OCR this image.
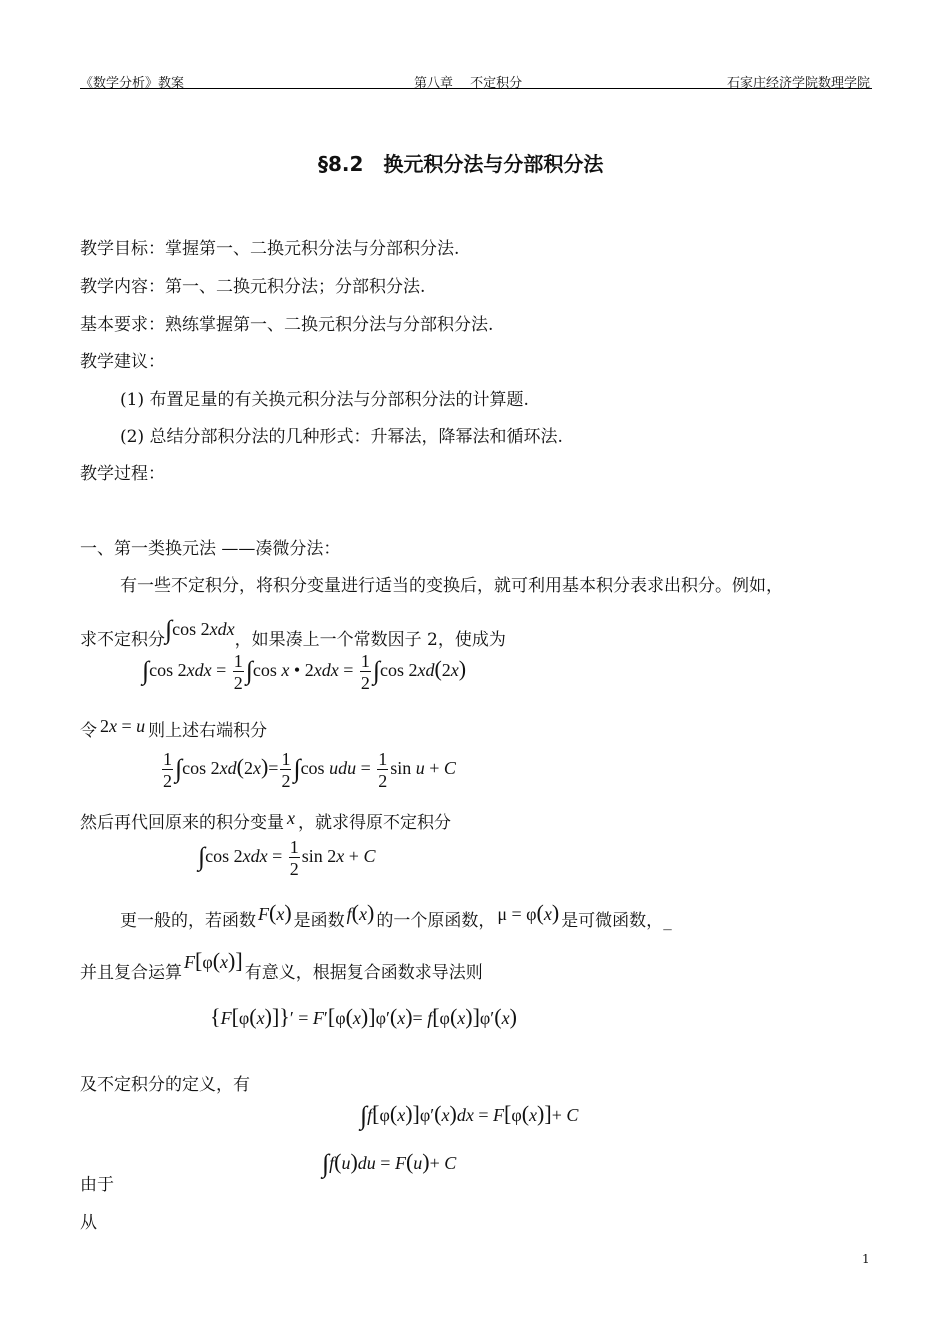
《数学分析》教案	第八章　 不定积分	石家庄经济学院数理学院
§8.2　换元积分法与分部积分法
教学目标：掌握第一、二换元积分法与分部积分法.
教学内容：第一、二换元积分法；分部积分法.
基本要求：熟练掌握第一、二换元积分法与分部积分法.
教学建议：
(1) 布置足量的有关换元积分法与分部积分法的计算题.
(2) 总结分部积分法的几种形式：升幂法，降幂法和循环法.
教学过程：
一、第一类换元法 ——凑微分法：
有一些不定积分，将积分变量进行适当的变换后，就可利用基本积分表求出积分。例如，
求不定积分∫cos 2xdx，如果凑上一个常数因子 2，使成为
∫cos $2xdx = \frac{1}{2} \int\cos$ x • $2xdx = \frac{1}{2} \int\cos$ 2xd(2x)
令 2x = u 则上述右端积分
$\frac{1}{2} \int\cos$ $2xd(2x)= \frac{1}{2} \int\cos$ udu = $\frac{1}{2}$ sin u + C
然后再代回原来的积分变量 x ，就求得原不定积分
∫cos $2xdx = \frac{1}{2}$ sin 2x + C
更一般的，若函数 F(x) 是函数 f(x) 的一个原函数， μ = φ(x) 是可微函数，_
并且复合运算F[φ(x)] 有意义，根据复合函数求导法则
{F[φ(x)]}′ = F′[φ(x)]φ′(x)= f[φ(x)]φ′(x)
及不定积分的定义，有
∫f[φ(x)]φ′(x)dx = F[φ(x)]+ C
∫f(u)du = F(u)+ C
由于
从
1
